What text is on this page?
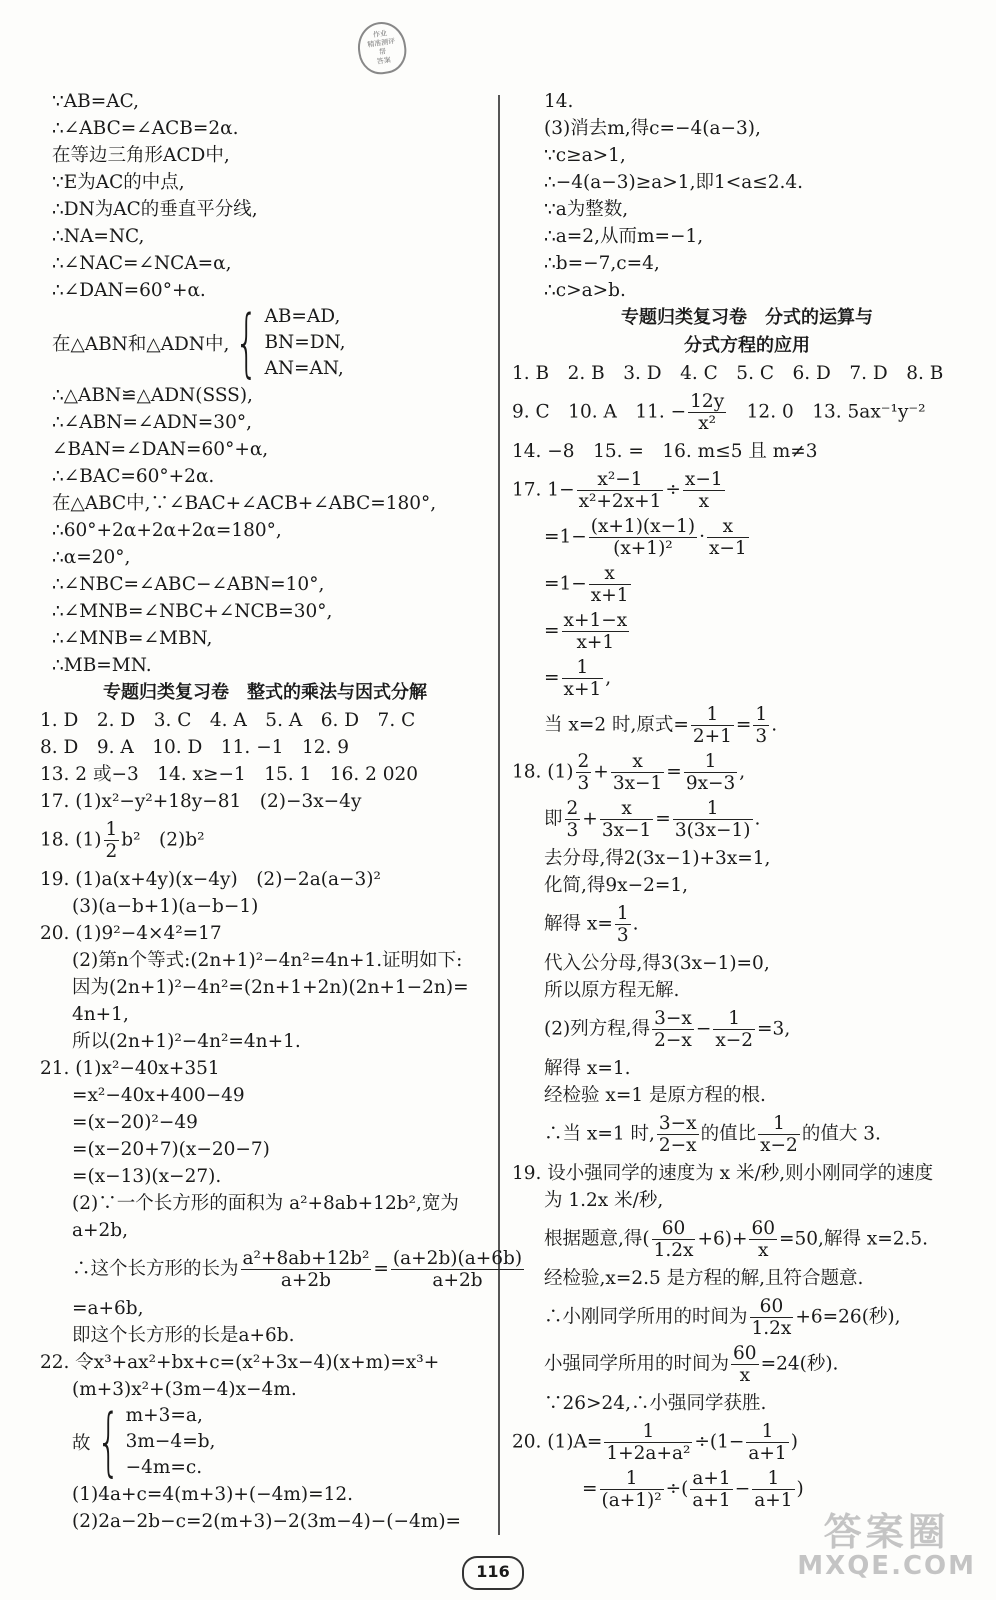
作业
精准测评
帮
答案
∵AB=AC,
∴∠ABC=∠ACB=2α.
在等边三角形ACD中,
∵E为AC的中点,
∴DN为AC的垂直平分线,
∴NA=NC,
∴∠NAC=∠NCA=α,
∴∠DAN=60°+α.
在△ABN和△ADN中, { AB=AD,
BN=DN,
AN=AN,
∴△ABN≌△ADN(SSS),
∴∠ABN=∠ADN=30°,
∠BAN=∠DAN=60°+α,
∴∠BAC=60°+2α.
在△ABC中,∵∠BAC+∠ACB+∠ABC=180°,
∴60°+2α+2α+2α=180°,
∴α=20°,
∴∠NBC=∠ABC−∠ABN=10°,
∴∠MNB=∠NBC+∠NCB=30°,
∴∠MNB=∠MBN,
∴MB=MN.
专题归类复习卷　整式的乘法与因式分解
1. D　2. D　3. C　4. A　5. A　6. D　7. C
8. D　9. A　10. D　11. −1　12. 9
13. 2 或−3　14. x≥−1　15. 1　16. 2 020
17. (1)x²−y²+18y−81　(2)−3x−4y
18. $(1) \frac{1}{2} b^2$　(2)b²
19. (1)a(x+4y)(x−4y)　(2)−2a(a−3)²
(3)(a−b+1)(a−b−1)
20. (1)9²−4×4²=17
(2)第n个等式:(2n+1)²−4n²=4n+1.证明如下:
因为(2n+1)²−4n²=(2n+1+2n)(2n+1−2n)=
4n+1,
所以(2n+1)²−4n²=4n+1.
21. (1)x²−40x+351
=x²−40x+400−49
=(x−20)²−49
=(x−20+7)(x−20−7)
=(x−13)(x−27).
(2)∵一个长方形的面积为 a²+8ab+12b²,宽为
a+2b,
∴这个长方形的长为 $\frac{\text{a²+8ab+12b²}}{a+2b} = \frac{(a+2b)(a+6b)}{a+2b}$
=a+6b,
即这个长方形的长是a+6b.
22. 令x³+ax²+bx+c=(x²+3x−4)(x+m)=x³+
(m+3)x²+(3m−4)x−4m.
故 { m+3=a,
3m−4=b,
−4m=c.
(1)4a+c=4(m+3)+(−4m)=12.
(2)2a−2b−c=2(m+3)−2(3m−4)−(−4m)=
14.
(3)消去m,得c=−4(a−3),
∵c≥a>1,
∴−4(a−3)≥a>1,即1<a≤2.4.
∵a为整数,
∴a=2,从而m=−1,
∴b=−7,c=4,
∴c>a>b.
专题归类复习卷　分式的运算与
分式方程的应用
1. B　2. B　3. D　4. C　5. C　6. D　7. D　8. B
9. C　10. A　11. − $\frac{12y}{\text{x²}}$ 　12. 0　13. 5ax⁻¹y⁻²
14. −8　15. =　16. m≤5 且 m≠3
17. $1- \frac{\text{x²−1}}{\text{x²+2x+1}} \div \frac{x-1}{x}$
$=1- \frac{(x+1)(x-1)}{\text{(x+1)²}} \cdot \frac{x}{x-1}$
$=1- \frac{x}{x+1}$
= $\frac{x+1-x}{x+1}$
= $\frac{1}{x+1}$ ,
当 x=2 时,原式= $\frac{1}{2+1} = \frac{1}{3}$ .
18. $(1) \frac{2}{3} + \frac{x}{3x-1} = \frac{1}{9x-3}$ ,
即 $\frac{2}{3} + \frac{x}{3x-1} = \frac{1}{3(3x-1)}$ .
去分母,得2(3x−1)+3x=1,
化简,得9x−2=1,
解得 $x= \frac{1}{3}$ .
代入公分母,得3(3x−1)=0,
所以原方程无解.
(2)列方程,得 $\frac{3-x}{2-x} - \frac{1}{x-2} =3$,
解得 x=1.
经检验 x=1 是原方程的根.
∴当 x=1 时, $\frac{3-x}{2-x}$ 的值比 $\frac{1}{x-2}$ 的值大 3.
19. 设小强同学的速度为 x 米/秒,则小刚同学的速度
为 1.2x 米/秒,
根据题意,得( $\frac{60}{1.2x} +6)+ \frac{60}{x} =50$,解得 x=2.5.
经检验,x=2.5 是方程的解,且符合题意.
∴小刚同学所用的时间为 $\frac{60}{1.2x} +6=26$(秒),
小强同学所用的时间为 $\frac{60}{x} =24$(秒).
∵26>24,∴小强同学获胜.
20. $(1)A= \frac{1}{\text{1+2a+a²}} \div(1- \frac{1}{a+1}$ )
= $\frac{1}{\text{(a+1)²}}$ ÷( $\frac{a+1}{a+1} - \frac{1}{a+1}$ )
答案圈
MXQE.COM
116
